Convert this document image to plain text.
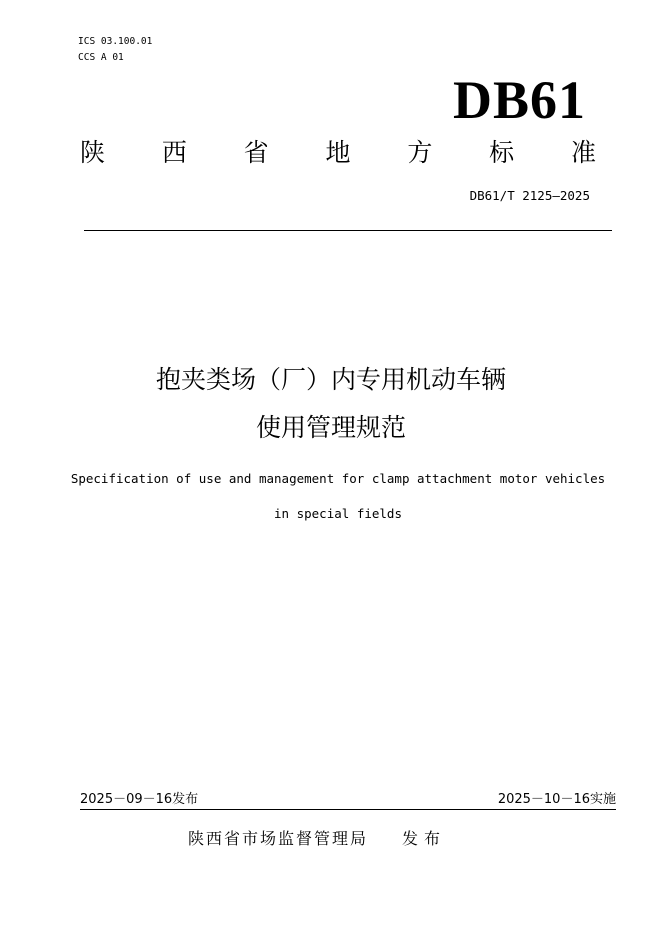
ICS 03.100.01
CCS A 01
DB61
陕 西 省 地 方 标 准
DB61/T 2125—2025
抱夹类场（厂）内专用机动车辆
使用管理规范
Specification of use and management for clamp attachment motor vehicles
in special fields
2025－09－16发布	2025－10－16实施
陕西省市场监督管理局 发布
